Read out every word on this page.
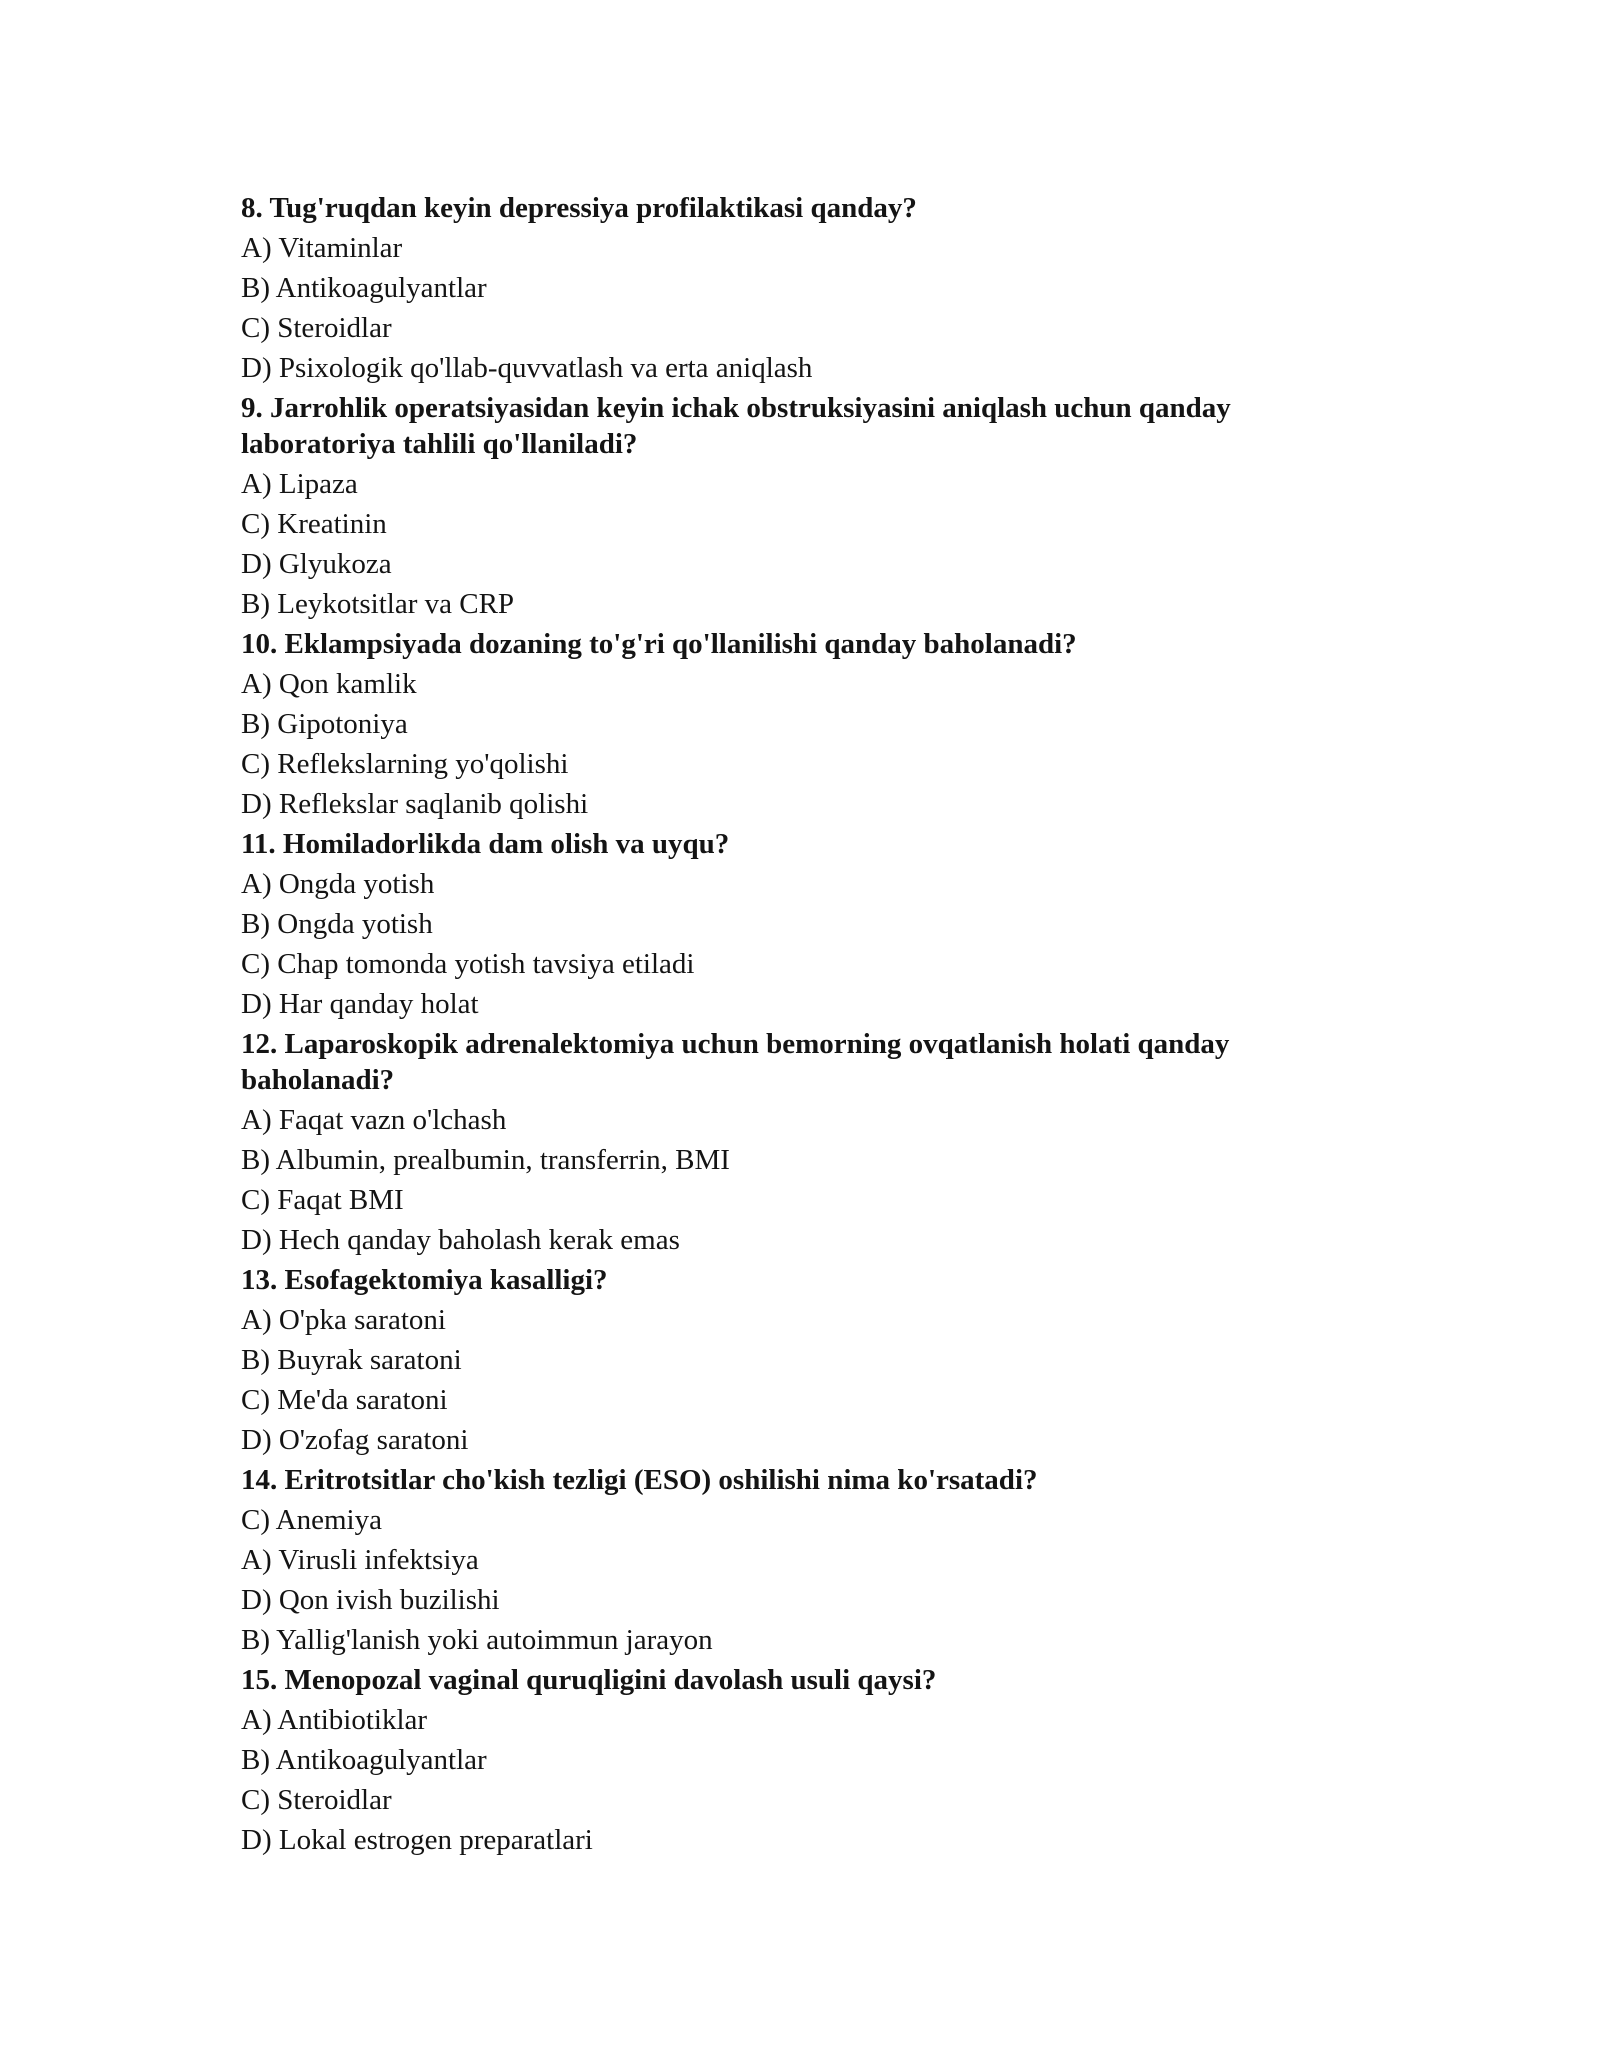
8. Tug'ruqdan keyin depressiya profilaktikasi qanday?
A) Vitaminlar
B) Antikoagulyantlar
C) Steroidlar
D) Psixologik qo'llab-quvvatlash va erta aniqlash
9. Jarrohlik operatsiyasidan keyin ichak obstruksiyasini aniqlash uchun qanday laboratoriya tahlili qo'llaniladi?
A) Lipaza
C) Kreatinin
D) Glyukoza
B) Leykotsitlar va CRP
10. Eklampsiyada dozaning to'g'ri qo'llanilishi qanday baholanadi?
A) Qon kamlik
B) Gipotoniya
C) Reflekslarning yo'qolishi
D) Reflekslar saqlanib qolishi
11. Homiladorlikda dam olish va uyqu?
A) Ongda yotish
B) Ongda yotish
C) Chap tomonda yotish tavsiya etiladi
D) Har qanday holat
12. Laparoskopik adrenalektomiya uchun bemorning ovqatlanish holati qanday baholanadi?
A) Faqat vazn o'lchash
B) Albumin, prealbumin, transferrin, BMI
C) Faqat BMI
D) Hech qanday baholash kerak emas
13. Esofagektomiya kasalligi?
A) O'pka saratoni
B) Buyrak saratoni
C) Me'da saratoni
D) O'zofag saratoni
14. Eritrotsitlar cho'kish tezligi (ESO) oshilishi nima ko'rsatadi?
C) Anemiya
A) Virusli infektsiya
D) Qon ivish buzilishi
B) Yallig'lanish yoki autoimmun jarayon
15. Menopozal vaginal quruqligini davolash usuli qaysi?
A) Antibiotiklar
B) Antikoagulyantlar
C) Steroidlar
D) Lokal estrogen preparatlari
